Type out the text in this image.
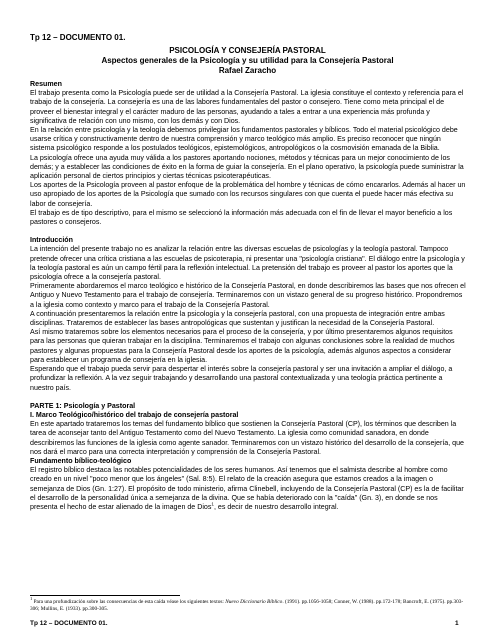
Tp 12 – DOCUMENTO 01.
PSICOLOGÍA Y CONSEJERÍA PASTORAL
Aspectos generales de la Psicología y su utilidad para la Consejería Pastoral
Rafael Zaracho

Resumen

El trabajo presenta como la Psicología puede ser de utilidad a la Consejería Pastoral. La iglesia constituye el contexto y referencia para el trabajo de la consejería. La consejería es una de las labores fundamentales del pastor o consejero. Tiene como meta principal el de proveer el bienestar integral y el carácter maduro de las personas, ayudando a tales a entrar a una experiencia más profunda y significativa de relación con uno mismo, con los demás y con Dios.

En la relación entre psicología y la teología debemos privilegiar los fundamentos pastorales y bíblicos. Todo el material psicológico debe usarse crítica y constructivamente dentro de nuestra comprensión y marco teológico más amplio. Es preciso reconocer que ningún sistema psicológico responde a los postulados teológicos, epistemológicos, antropológicos o la cosmovisión emanada de la Biblia.

La psicología ofrece una ayuda muy válida a los pastores aportando nociones, métodos y técnicas para un mejor conocimiento de los demás; y a establecer las condiciones de éxito en la forma de guiar la consejería. En el plano operativo, la psicología puede suministrar la aplicación personal de ciertos principios y ciertas técnicas psicoterapéuticas.

Los aportes de la Psicología proveen al pastor enfoque de la problemática del hombre y técnicas de cómo encararlos. Además al hacer un uso apropiado de los aportes de la Psicología que sumado con los recursos singulares con que cuenta el puede hacer más efectiva su labor de consejería.

El trabajo es de tipo descriptivo, para el mismo se seleccionó la información más adecuada con el fin de llevar el mayor beneficio a los pastores o consejeros.

Introducción

La intención del presente trabajo no es analizar la relación entre las diversas escuelas de psicologías y la teología pastoral. Tampoco pretende ofrecer una crítica cristiana a las escuelas de psicoterapia, ni presentar una "psicología cristiana". El diálogo entre la psicología y la teología pastoral es aún un campo fértil para la reflexión intelectual. La pretensión del trabajo es proveer al pastor los aportes que la psicología ofrece a la consejería pastoral.

Primeramente abordaremos el marco teológico e histórico de la Consejería Pastoral, en donde describiremos las bases que nos ofrecen el Antiguo y Nuevo Testamento para el trabajo de consejería. Terminaremos con un vistazo general de su progreso histórico. Propondremos a la iglesia como contexto y marco para el trabajo de la Consejería Pastoral.

A continuación presentaremos la relación entre la psicología y la consejería pastoral, con una propuesta de integración entre ambas disciplinas. Trataremos de establecer las bases antropológicas que sustentan y justifican la necesidad de la Consejería Pastoral.

Así mismo trataremos sobre los elementos necesarios para el proceso de la consejería, y por último presentaremos algunos requisitos para las personas que quieran trabajar en la disciplina. Terminaremos el trabajo con algunas conclusiones sobre la realidad de muchos pastores y algunas propuestas para la Consejería Pastoral desde los aportes de la psicología, además algunos aspectos a considerar para establecer un programa de consejería en la iglesia.

Esperando que el trabajo pueda servir para despertar el interés sobre la consejería pastoral y ser una invitación a ampliar el diálogo, a profundizar la reflexión. A la vez seguir trabajando y desarrollando una pastoral contextualizada y una teología práctica pertinente a nuestro país.

PARTE 1: Psicología y Pastoral

I. Marco Teológico/histórico del trabajo de consejería pastoral

En este apartado trataremos los temas del fundamento bíblico que sostienen la Consejería Pastoral (CP), los términos que describen la tarea de aconsejar tanto del Antiguo Testamento como del Nuevo Testamento. La iglesia como comunidad sanadora, en donde describiremos las funciones de la iglesia como agente sanador. Terminaremos con un vistazo histórico del desarrollo de la consejería, que nos dará el marco para una correcta interpretación y comprensión de la Consejería Pastoral.

Fundamento bíblico-teológico

El registro bíblico destaca las notables potencialidades de los seres humanos. Así tenemos que el salmista describe al hombre como creado en un nivel "poco menor que los ángeles" (Sal. 8:5). El relato de la creación asegura que estamos creados a la imagen o semejanza de Dios (Gn. 1:27). El propósito de todo ministerio, afirma Clinebell, incluyendo de la Consejería Pastoral (CP) es la de facilitar el desarrollo de la personalidad única a semejanza de la divina. Que se había deteriorado con la "caída" (Gn. 3), en donde se nos presenta el hecho de estar alienado de la imagen de Dios$^1$, es decir de nuestro desarrollo integral.

$^1$ Para una profundización sobre las consecuencias de esta caída véase los siguientes textos: Nuevo Diccionario Bíblico. (1991). pp.1056-1058; Conner, W. (1988). pp.172-178; Bancroft, E. (1975). pp.303-306; Mullins, E. (1933). pp.300-305.
Tp 12 – DOCUMENTO 01.	1
